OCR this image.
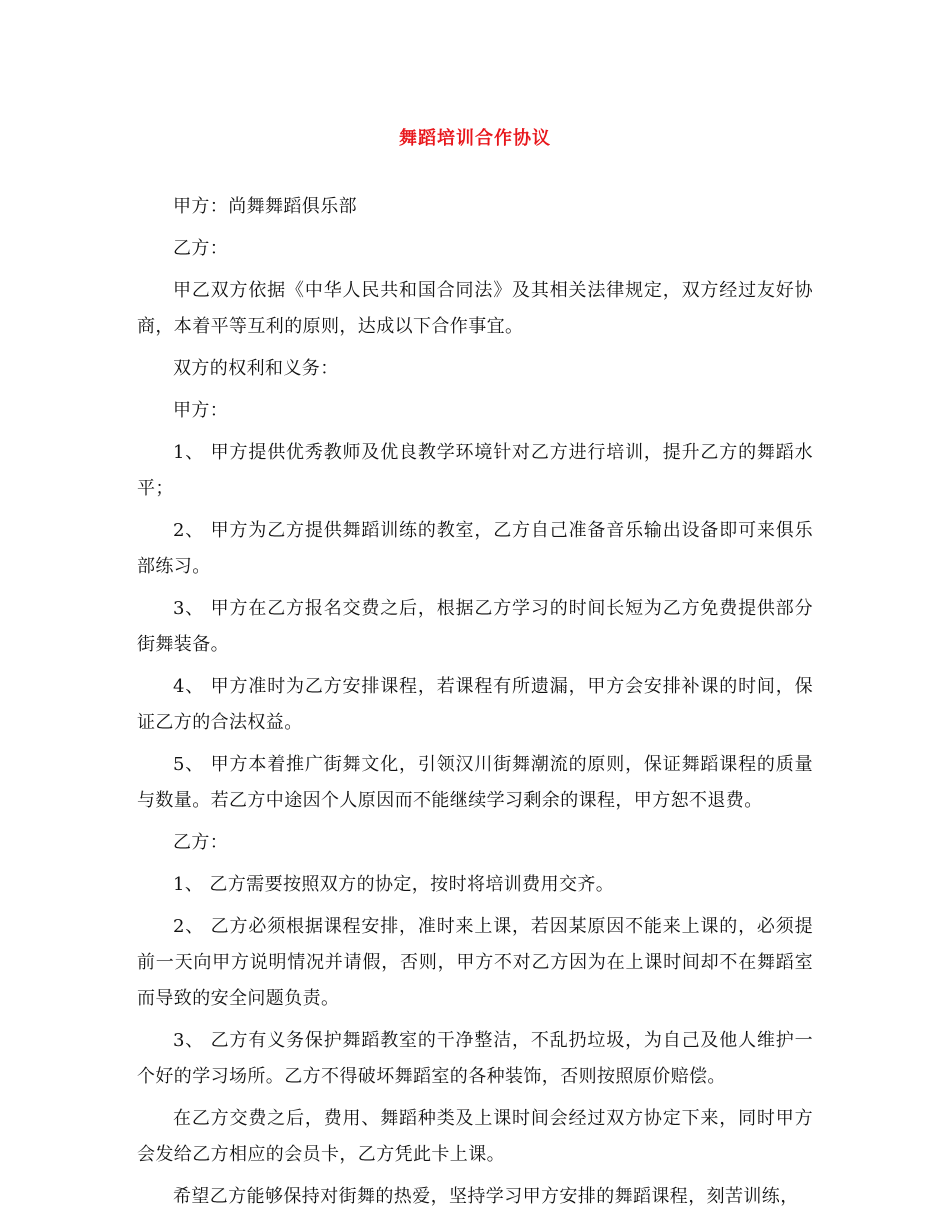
舞蹈培训合作协议

甲方：尚舞舞蹈俱乐部

乙方：

甲乙双方依据《中华人民共和国合同法》及其相关法律规定，双方经过友好协商，本着平等互利的原则，达成以下合作事宜。

双方的权利和义务：

甲方：

1、 甲方提供优秀教师及优良教学环境针对乙方进行培训，提升乙方的舞蹈水平；

2、 甲方为乙方提供舞蹈训练的教室，乙方自己准备音乐输出设备即可来俱乐部练习。

3、 甲方在乙方报名交费之后，根据乙方学习的时间长短为乙方免费提供部分街舞装备。

4、 甲方准时为乙方安排课程，若课程有所遗漏，甲方会安排补课的时间，保证乙方的合法权益。

5、 甲方本着推广街舞文化，引领汉川街舞潮流的原则，保证舞蹈课程的质量与数量。若乙方中途因个人原因而不能继续学习剩余的课程，甲方恕不退费。

乙方：

1、 乙方需要按照双方的协定，按时将培训费用交齐。

2、 乙方必须根据课程安排，准时来上课，若因某原因不能来上课的，必须提前一天向甲方说明情况并请假，否则，甲方不对乙方因为在上课时间却不在舞蹈室而导致的安全问题负责。

3、 乙方有义务保护舞蹈教室的干净整洁，不乱扔垃圾，为自己及他人维护一个好的学习场所。乙方不得破坏舞蹈室的各种装饰，否则按照原价赔偿。

在乙方交费之后，费用、舞蹈种类及上课时间会经过双方协定下来，同时甲方会发给乙方相应的会员卡，乙方凭此卡上课。

希望乙方能够保持对街舞的热爱，坚持学习甲方安排的舞蹈课程，刻苦训练，
